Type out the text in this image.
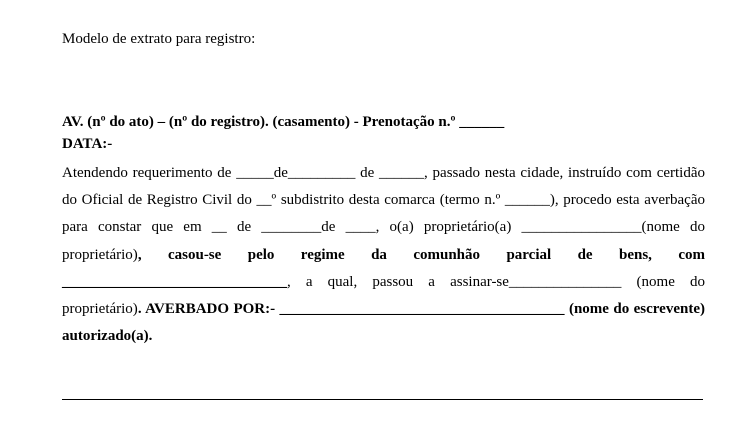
Modelo de extrato para registro:
AV. (nº do ato) – (nº do registro). (casamento) - Prenotação n.º ______
DATA:-
Atendendo requerimento de _____de_________ de ______, passado nesta cidade, instruído com certidão do Oficial de Registro Civil do __º subdistrito desta comarca (termo n.º ______), procedo esta averbação para constar que em __ de ________de ____, o(a) proprietário(a) ________________(nome do proprietário), casou-se pelo regime da comunhão parcial de bens, com ______________________________, a qual, passou a assinar-se_______________ (nome do proprietário). AVERBADO POR:- ______________________________________ (nome do escrevente) autorizado(a).
